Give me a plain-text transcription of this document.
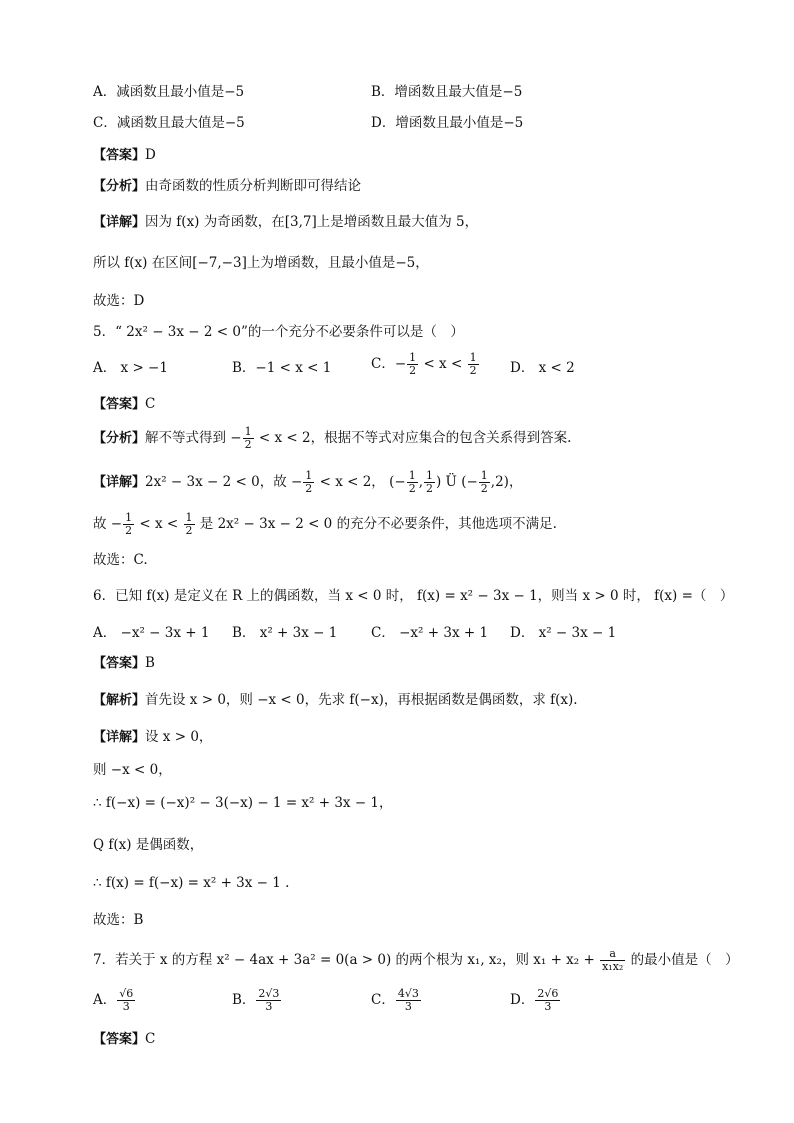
A．减函数且最小值是−5	B．增函数且最大值是−5
C．减函数且最大值是−5	D．增函数且最小值是−5
【答案】D
【分析】由奇函数的性质分析判断即可得结论
【详解】因为 f(x) 为奇函数，在[3,7]上是增函数且最大值为 5，
所以 f(x) 在区间[−7,−3]上为增函数，且最小值是−5，
故选：D
5．“ 2x² − 3x − 2 < 0”的一个充分不必要条件可以是（　）
A． x > −1	B．−1 < x < 1	C．− $\frac{1}{2} < x < \frac{1}{2}$ D． x < 2
【答案】C
【分析】解不等式得到 − $\frac{1}{2} < x < 2$，根据不等式对应集合的包含关系得到答案.
【详解】2x² − 3x − 2 < 0，故 − $\frac{1}{2} < x < 2$， (− $\frac{1}{2}$ , $\frac{1}{2}$ ) Ü (− $\frac{1}{2} ,2$)，
故 − $\frac{1}{2} < x < \frac{1}{2}$ 是 2x² − 3x − 2 < 0 的充分不必要条件，其他选项不满足.
故选：C.
6．已知 f(x) 是定义在 R 上的偶函数，当 x < 0 时， f(x) = x² − 3x − 1，则当 x > 0 时， f(x) =（　）
A． −x² − 3x + 1 B． x² + 3x − 1 C． −x² + 3x + 1 D． x² − 3x − 1
【答案】B
【解析】首先设 x > 0，则 −x < 0，先求 f(−x)，再根据函数是偶函数，求 f(x).
【详解】设 x > 0，
则 −x < 0，
∴ f(−x) = (−x)² − 3(−x) − 1 = x² + 3x − 1，
Q f(x) 是偶函数，
∴ f(x) = f(−x) = x² + 3x − 1 .
故选：B
7．若关于 x 的方程 x² − 4ax + 3a² = 0(a > 0) 的两个根为 x₁, x₂，则 $x_1 + x_2 + \frac{a}{\text{x₁x₂}}$ 的最小值是（　）
A． $\frac{√6}{3}$	B． $\frac{2√3}{3}$	C． $\frac{4√3}{3}$	D． $\frac{2√6}{3}$
【答案】C
